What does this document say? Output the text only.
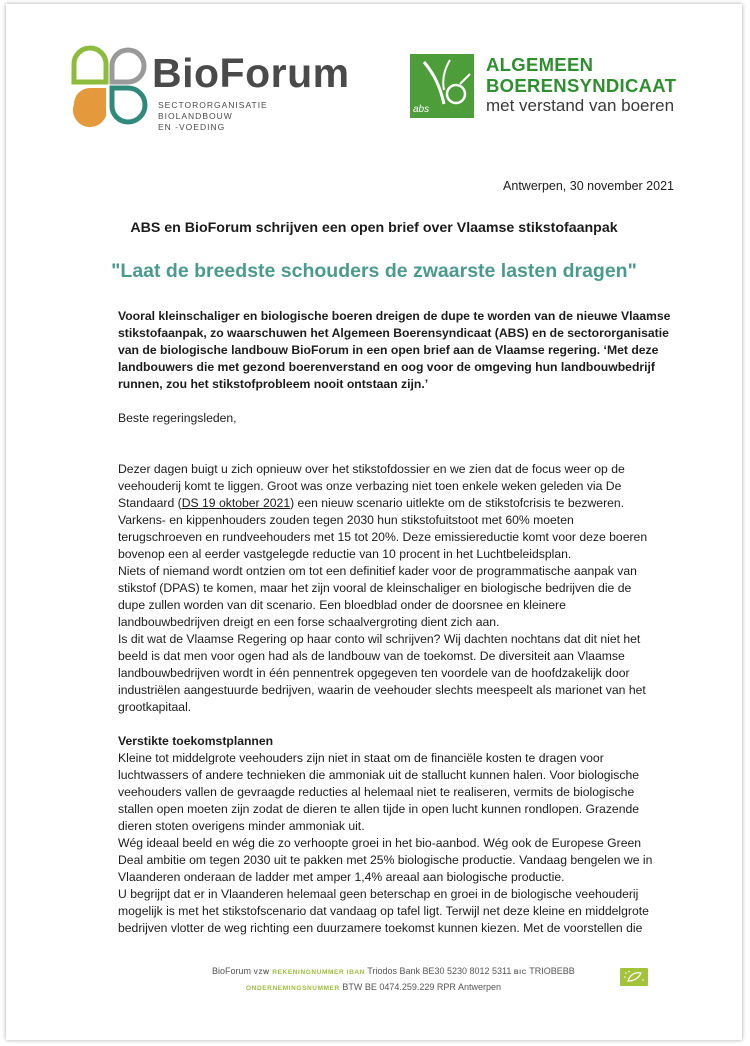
BioForum
SECTORORGANISATIE
BIOLANDBOUW
EN -VOEDING
abs
ALGEMEEN
BOERENSYNDICAAT
met verstand van boeren
Antwerpen, 30 november 2021
ABS en BioForum schrijven een open brief over Vlaamse stikstofaanpak
"Laat de breedste schouders de zwaarste lasten dragen"
Vooral kleinschaliger en biologische boeren dreigen de dupe te worden van de nieuwe Vlaamse
stikstofaanpak, zo waarschuwen het Algemeen Boerensyndicaat (ABS) en de sectororganisatie
van de biologische landbouw BioForum in een open brief aan de Vlaamse regering. ‘Met deze
landbouwers die met gezond boerenverstand en oog voor de omgeving hun landbouwbedrijf
runnen, zou het stikstofprobleem nooit ontstaan zijn.’
Beste regeringsleden,
Dezer dagen buigt u zich opnieuw over het stikstofdossier en we zien dat de focus weer op de
veehouderij komt te liggen. Groot was onze verbazing niet toen enkele weken geleden via De
Standaard (DS 19 oktober 2021) een nieuw scenario uitlekte om de stikstofcrisis te bezweren.
Varkens- en kippenhouders zouden tegen 2030 hun stikstofuitstoot met 60% moeten
terugschroeven en rundveehouders met 15 tot 20%. Deze emissiereductie komt voor deze boeren
bovenop een al eerder vastgelegde reductie van 10 procent in het Luchtbeleidsplan.
Niets of niemand wordt ontzien om tot een definitief kader voor de programmatische aanpak van
stikstof (DPAS) te komen, maar het zijn vooral de kleinschaliger en biologische bedrijven die de
dupe zullen worden van dit scenario. Een bloedblad onder de doorsnee en kleinere
landbouwbedrijven dreigt en een forse schaalvergroting dient zich aan.
Is dit wat de Vlaamse Regering op haar conto wil schrijven? Wij dachten nochtans dat dit niet het
beeld is dat men voor ogen had als de landbouw van de toekomst. De diversiteit aan Vlaamse
landbouwbedrijven wordt in één pennentrek opgegeven ten voordele van de hoofdzakelijk door
industriëlen aangestuurde bedrijven, waarin de veehouder slechts meespeelt als marionet van het
grootkapitaal.
Verstikte toekomstplannen
Kleine tot middelgrote veehouders zijn niet in staat om de financiële kosten te dragen voor
luchtwassers of andere technieken die ammoniak uit de stallucht kunnen halen. Voor biologische
veehouders vallen de gevraagde reducties al helemaal niet te realiseren, vermits de biologische
stallen open moeten zijn zodat de dieren te allen tijde in open lucht kunnen rondlopen. Grazende
dieren stoten overigens minder ammoniak uit.
Wég ideaal beeld en wég die zo verhoopte groei in het bio-aanbod. Wég ook de Europese Green
Deal ambitie om tegen 2030 uit te pakken met 25% biologische productie. Vandaag bengelen we in
Vlaanderen onderaan de ladder met amper 1,4% areaal aan biologische productie.
U begrijpt dat er in Vlaanderen helemaal geen beterschap en groei in de biologische veehouderij
mogelijk is met het stikstofscenario dat vandaag op tafel ligt. Terwijl net deze kleine en middelgrote
bedrijven vlotter de weg richting een duurzamere toekomst kunnen kiezen. Met de voorstellen die
BioForum VZW REKENINGNUMMER IBAN Triodos Bank BE30 5230 8012 5311 BIC TRIOBEBB
ONDERNEMINGSNUMMER BTW BE 0474.259.229 RPR Antwerpen
